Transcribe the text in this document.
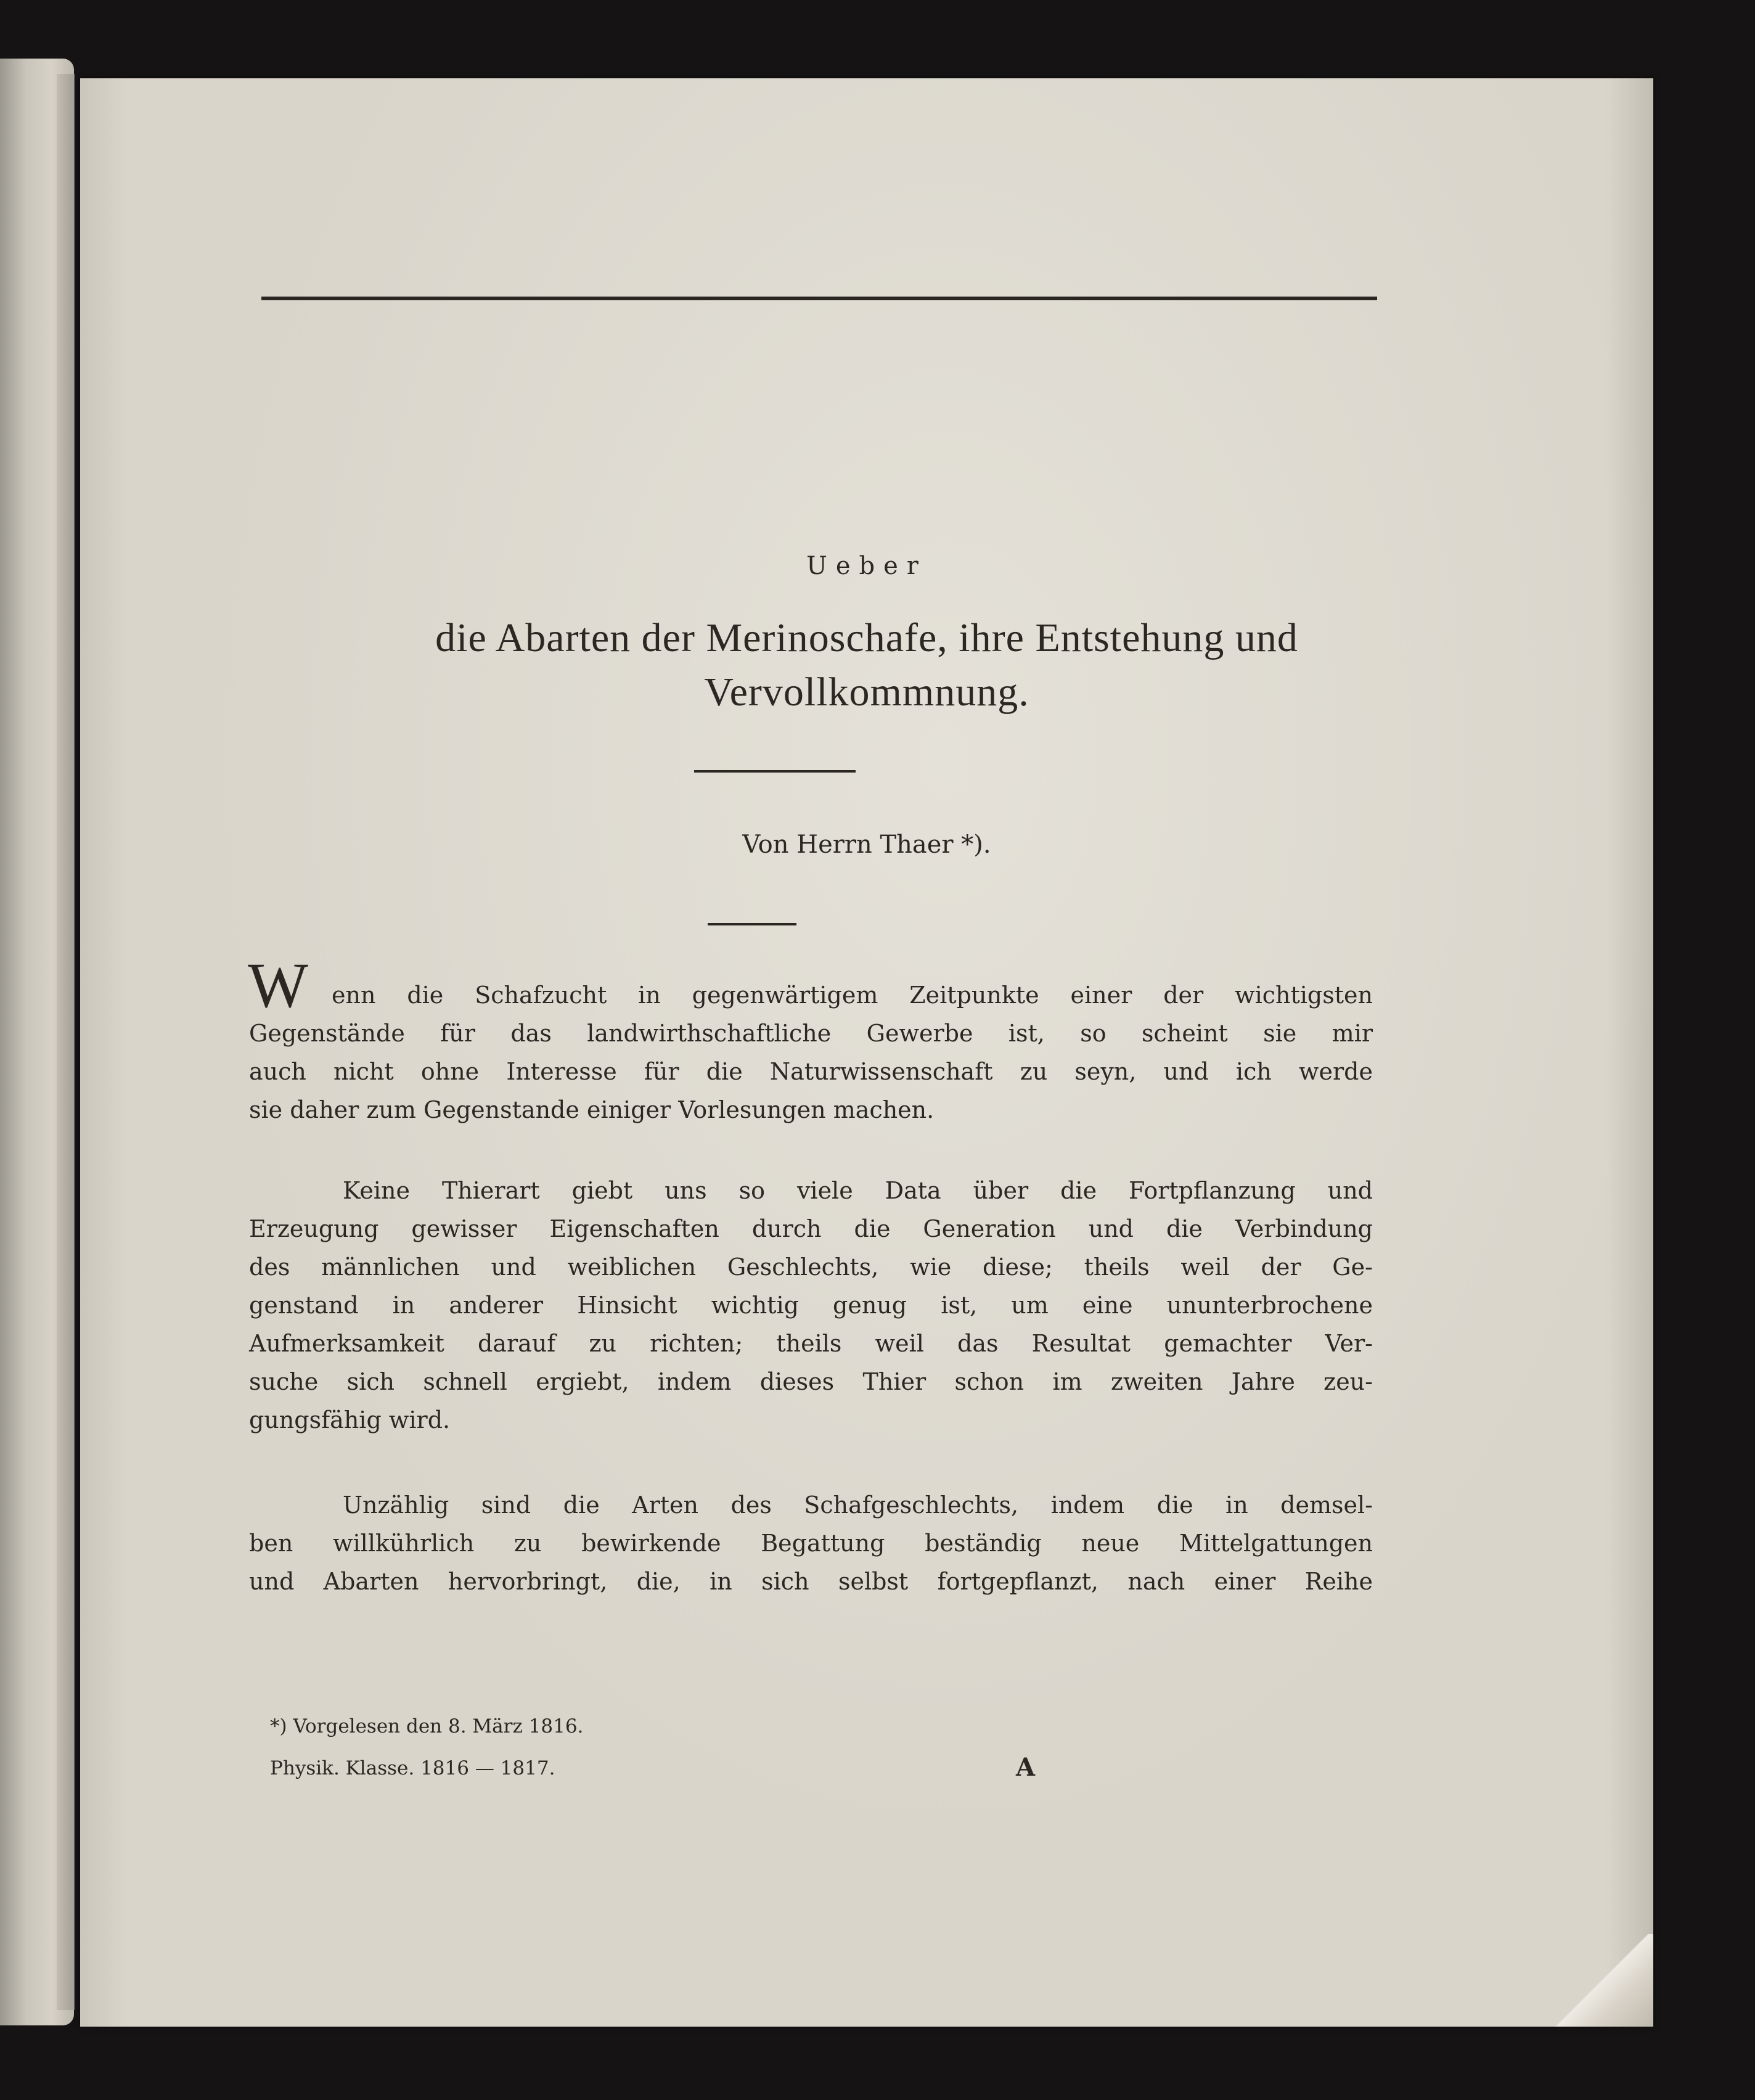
Ueber
die Abarten der Merinoschafe, ihre Entstehung und
Vervollkommnung.
Von Herrn Thaer *).
W enn die Schafzucht in gegenwärtigem Zeitpunkte einer der wichtigsten
Gegenstände für das landwirthschaftliche Gewerbe ist, so scheint sie mir
auch nicht ohne Interesse für die Naturwissenschaft zu seyn, und ich werde
sie daher zum Gegenstande einiger Vorlesungen machen.
Keine Thierart giebt uns so viele Data über die Fortpflanzung und
Erzeugung gewisser Eigenschaften durch die Generation und die Verbindung
des männlichen und weiblichen Geschlechts, wie diese; theils weil der Ge-
genstand in anderer Hinsicht wichtig genug ist, um eine ununterbrochene
Aufmerksamkeit darauf zu richten; theils weil das Resultat gemachter Ver-
suche sich schnell ergiebt, indem dieses Thier schon im zweiten Jahre zeu-
gungsfähig wird.
Unzählig sind die Arten des Schafgeschlechts, indem die in demsel-
ben willkührlich zu bewirkende Begattung beständig neue Mittelgattungen
und Abarten hervorbringt, die, in sich selbst fortgepflanzt, nach einer Reihe
*) Vorgelesen den 8. März 1816.
Physik. Klasse. 1816 — 1817.	A
